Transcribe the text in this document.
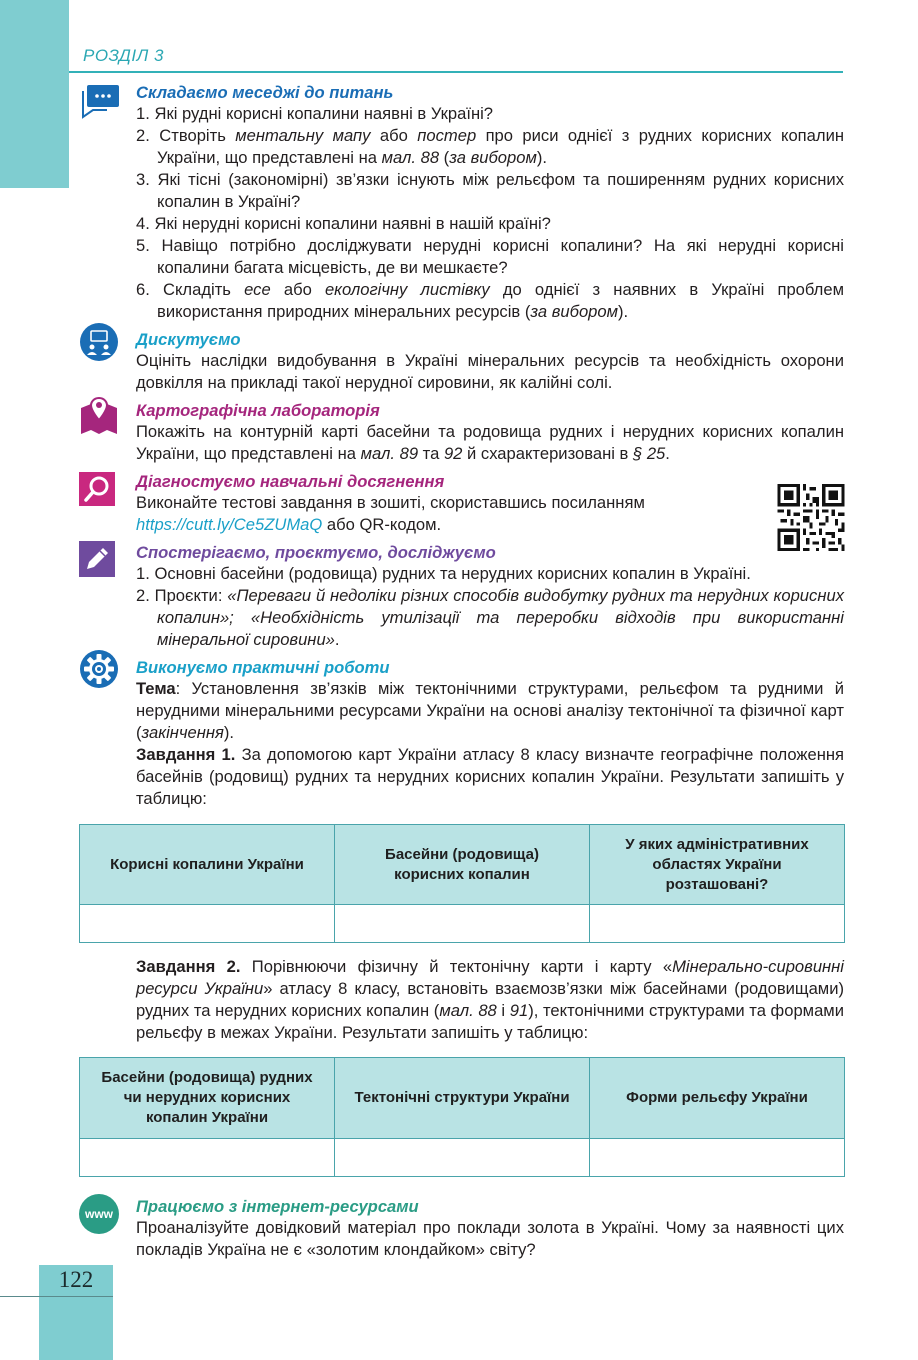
РОЗДІЛ 3
Складаємо меседжі до питань
1. Які рудні корисні копалини наявні в Україні?
2. Створіть ментальну мапу або постер про риси однієї з рудних корисних копалин України, що представлені на мал. 88 (за вибором).
3. Які тісні (закономірні) зв’язки існують між рельєфом та поширенням рудних корисних копалин в Україні?
4. Які нерудні корисні копалини наявні в нашій країні?
5. Навіщо потрібно досліджувати нерудні корисні копалини? На які нерудні корисні копалини багата місцевість, де ви мешкаєте?
6. Складіть есе або екологічну листівку до однієї з наявних в Україні проблем використання природних мінеральних ресурсів (за вибором).
Дискутуємо

Оцініть наслідки видобування в Україні мінеральних ресурсів та необхідність охорони довкілля на прикладі такої нерудної сировини, як калійні солі.

Картографічна лабораторія

Покажіть на контурній карті басейни та родовища рудних і нерудних корисних копалин України, що представлені на мал. 89 та 92 й схарактеризовані в § 25.

Діагностуємо навчальні досягнення

Виконайте тестові завдання в зошиті, скориставшись посиланням
https://cutt.ly/Ce5ZUMaQ або QR-кодом.

Спостерігаємо, проєктуємо, досліджуємо
1. Основні басейни (родовища) рудних та нерудних корисних копалин в Україні.
2. Проєкти: «Переваги й недоліки різних способів видобутку рудних та нерудних корисних копалин»; «Необхідність утилізації та переробки відходів при використанні мінеральної сировини».
Виконуємо практичні роботи

Тема: Установлення зв’язків між тектонічними структурами, рельєфом та рудними й нерудними мінеральними ресурсами України на основі аналізу тектонічної та фізичної карт (закінчення).

Завдання 1. За допомогою карт України атласу 8 класу визначте географічне положення басейнів (родовищ) рудних та нерудних корисних копалин України. Результати запишіть у таблицю:

Корисні копалини України	Басейни (родовища) корисних копалин	У яких адміністративних областях України розташовані?

Завдання 2. Порівнюючи фізичну й тектонічну карти і карту «Мінерально-сировинні ресурси України» атласу 8 класу, встановіть взаємозв’язки між басейнами (родовищами) рудних та нерудних корисних копалин (мал. 88 і 91), тектонічними структурами та формами рельєфу в межах України. Результати запишіть у таблицю:

Басейни (родовища) рудних чи нерудних корисних копалин України	Тектонічні структури України	Форми рельєфу України

www	Працюємо з інтернет-ресурсами

Проаналізуйте довідковий матеріал про поклади золота в Україні. Чому за наявності цих покладів Україна не є «золотим клондайком» світу?

122
